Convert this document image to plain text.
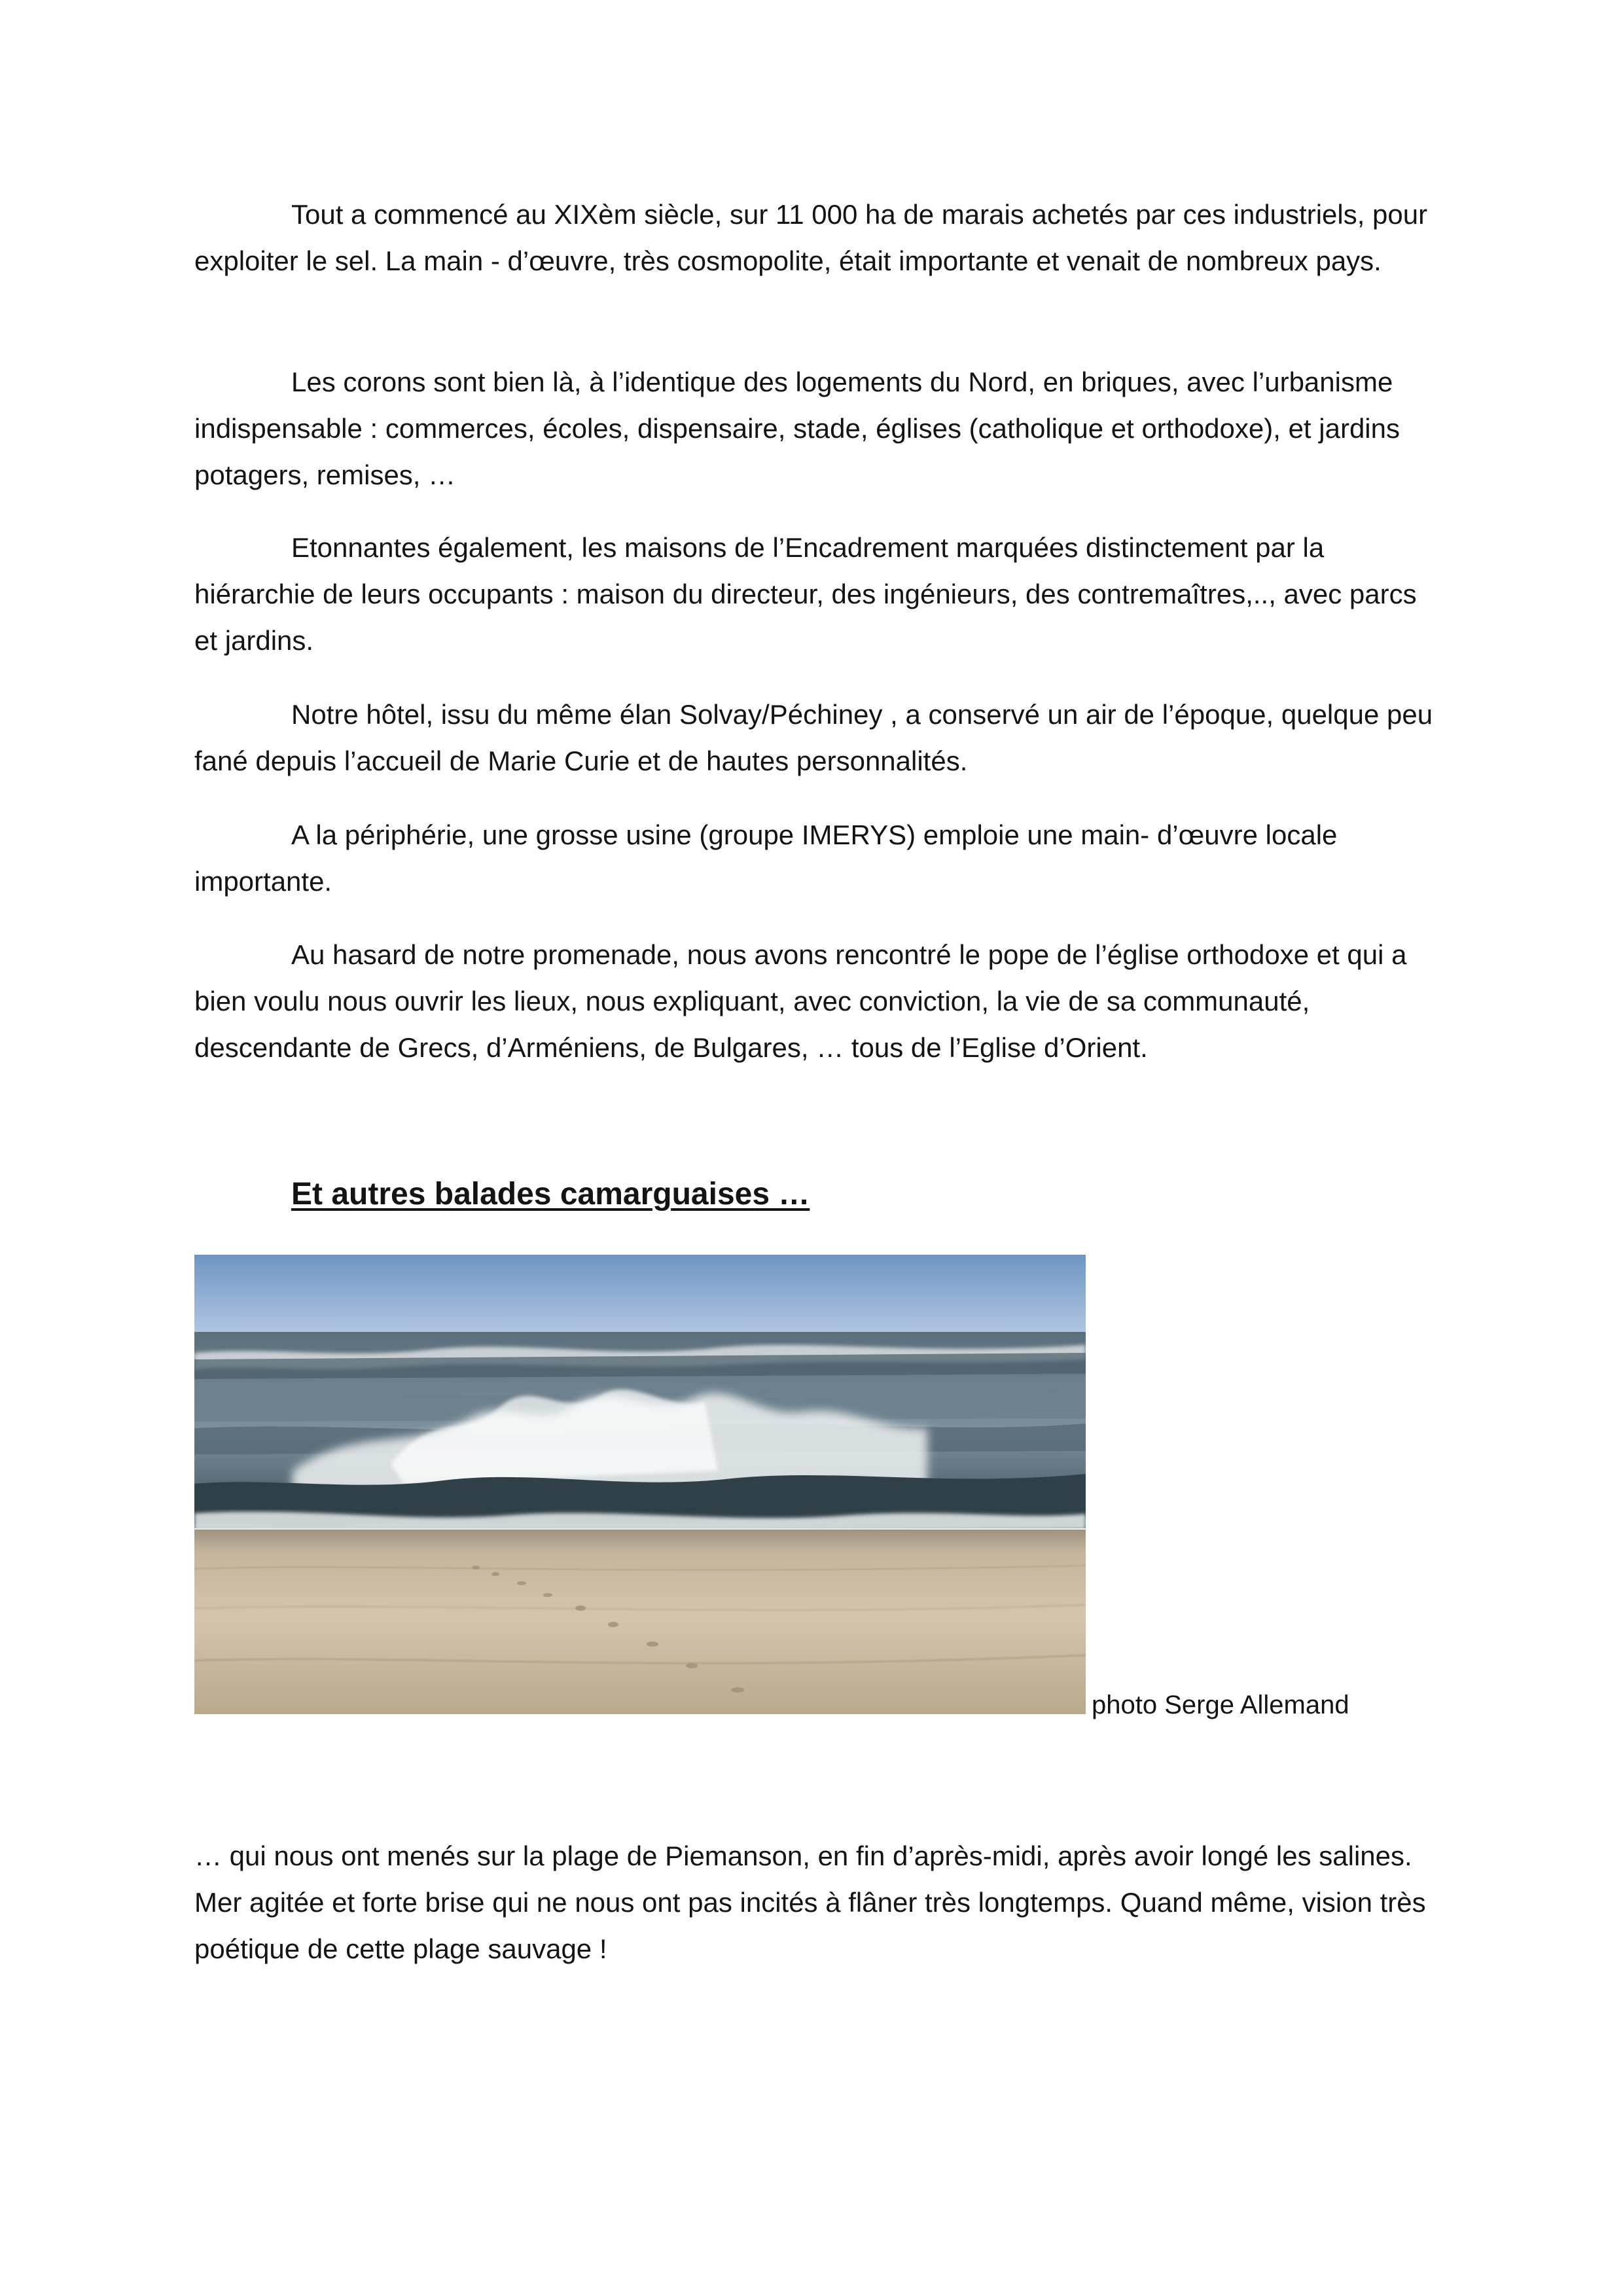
Tout a commencé au XIXèm siècle, sur 11 000 ha de marais achetés par ces industriels, pour exploiter le sel. La main - d’œuvre, très cosmopolite, était importante et venait de nombreux pays.

Les corons sont bien là, à l’identique des logements du Nord, en briques, avec l’urbanisme indispensable : commerces, écoles, dispensaire, stade, églises (catholique et orthodoxe), et jardins potagers, remises, …

Etonnantes également, les maisons de l’Encadrement marquées distinctement par la hiérarchie de leurs occupants : maison du directeur, des ingénieurs, des contremaîtres,.., avec parcs et jardins.

Notre hôtel, issu du même élan Solvay/Péchiney , a conservé un air de l’époque, quelque peu fané depuis l’accueil de Marie Curie et de hautes personnalités.

A la périphérie, une grosse usine (groupe IMERYS) emploie une main- d’œuvre locale importante.

Au hasard de notre promenade, nous avons rencontré le pope de l’église orthodoxe et qui a bien voulu nous ouvrir les lieux, nous expliquant, avec conviction, la vie de sa communauté, descendante de Grecs, d’Arméniens, de Bulgares, … tous de l’Eglise d’Orient.

Et autres balades camarguaises …

photo Serge Allemand

… qui nous ont menés sur la plage de Piemanson, en fin d’après-midi, après avoir longé les salines. Mer agitée et forte brise qui ne nous ont pas incités à flâner très longtemps. Quand même, vision très poétique de cette plage sauvage !
